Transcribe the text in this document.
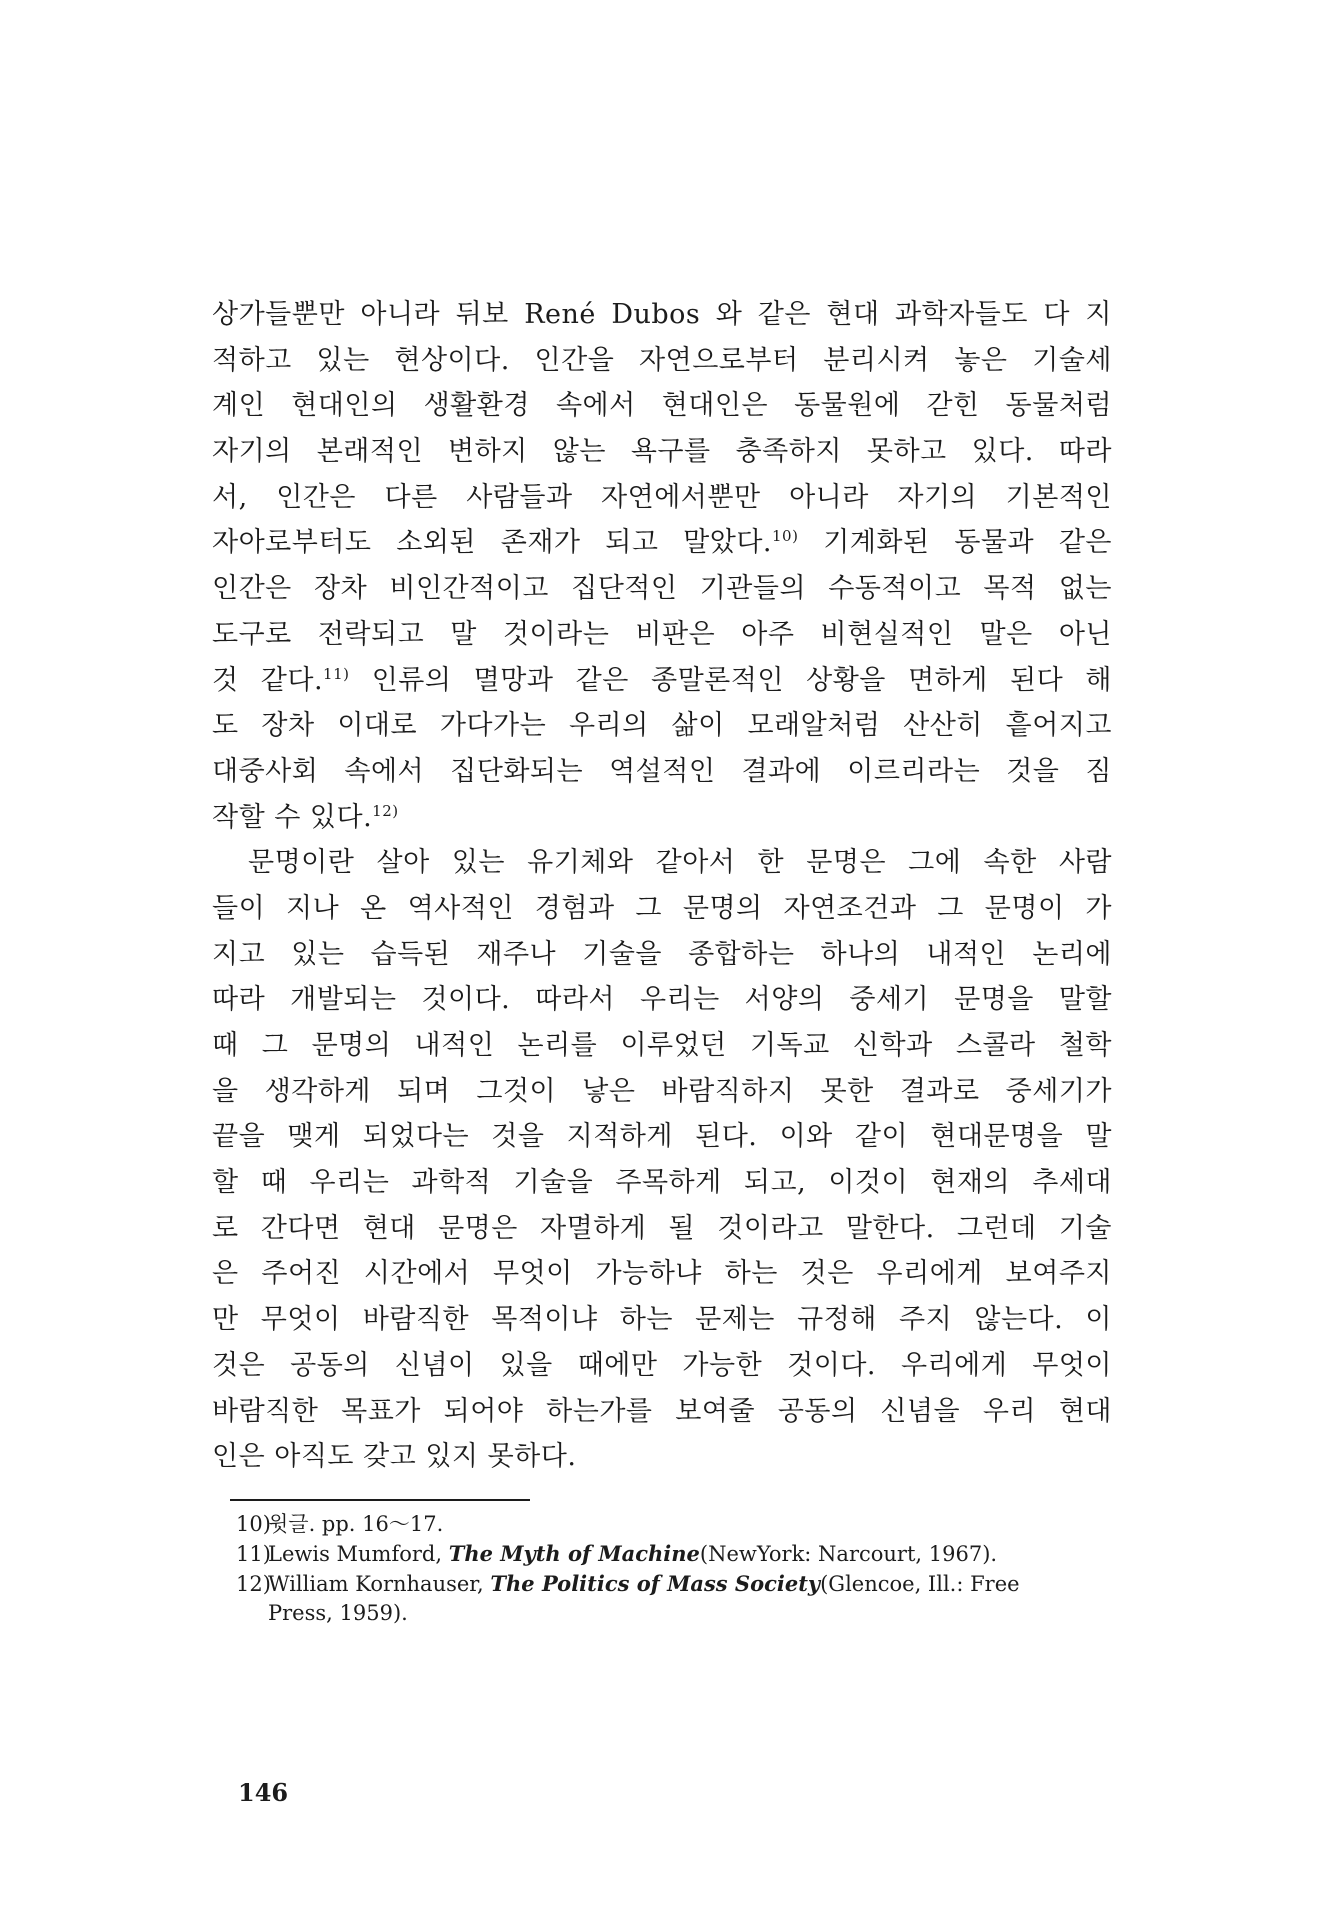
상가들뿐만 아니라 뒤보 René Dubos 와 같은 현대 과학자들도 다 지
적하고 있는 현상이다. 인간을 자연으로부터 분리시켜 놓은 기술세
계인 현대인의 생활환경 속에서 현대인은 동물원에 갇힌 동물처럼
자기의 본래적인 변하지 않는 욕구를 충족하지 못하고 있다. 따라
서, 인간은 다른 사람들과 자연에서뿐만 아니라 자기의 기본적인
자아로부터도 소외된 존재가 되고 말았다.$^{10)}$ 기계화된 동물과 같은
인간은 장차 비인간적이고 집단적인 기관들의 수동적이고 목적 없는
도구로 전락되고 말 것이라는 비판은 아주 비현실적인 말은 아닌
것 같다.$^{11)}$ 인류의 멸망과 같은 종말론적인 상황을 면하게 된다 해
도 장차 이대로 가다가는 우리의 삶이 모래알처럼 산산히 흩어지고
대중사회 속에서 집단화되는 역설적인 결과에 이르리라는 것을 짐
작할 수 있다.$^{12)}$
문명이란 살아 있는 유기체와 같아서 한 문명은 그에 속한 사람
들이 지나 온 역사적인 경험과 그 문명의 자연조건과 그 문명이 가
지고 있는 습득된 재주나 기술을 종합하는 하나의 내적인 논리에
따라 개발되는 것이다. 따라서 우리는 서양의 중세기 문명을 말할
때 그 문명의 내적인 논리를 이루었던 기독교 신학과 스콜라 철학
을 생각하게 되며 그것이 낳은 바람직하지 못한 결과로 중세기가
끝을 맺게 되었다는 것을 지적하게 된다. 이와 같이 현대문명을 말
할 때 우리는 과학적 기술을 주목하게 되고, 이것이 현재의 추세대
로 간다면 현대 문명은 자멸하게 될 것이라고 말한다. 그런데 기술
은 주어진 시간에서 무엇이 가능하냐 하는 것은 우리에게 보여주지
만 무엇이 바람직한 목적이냐 하는 문제는 규정해 주지 않는다. 이
것은 공동의 신념이 있을 때에만 가능한 것이다. 우리에게 무엇이
바람직한 목표가 되어야 하는가를 보여줄 공동의 신념을 우리 현대
인은 아직도 갖고 있지 못하다.
10)윗글. pp. 16～17.
11)Lewis Mumford, The Myth of Machine(NewYork: Narcourt, 1967).
12)William Kornhauser, The Politics of Mass Society(Glencoe, Ill.: Free
Press, 1959).
146
